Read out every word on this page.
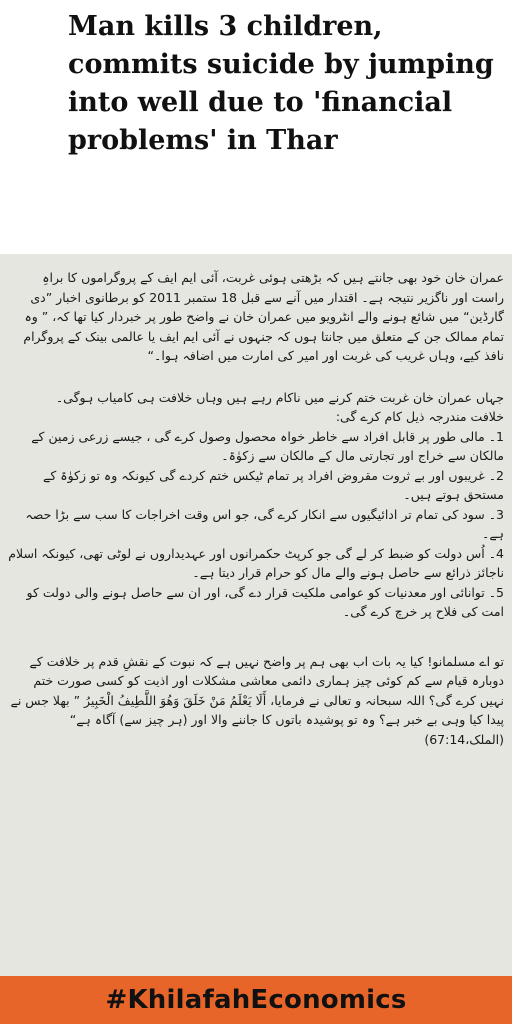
Man kills 3 children, commits suicide by jumping into well due to 'financial problems' in Thar

عمران خان خود بھی جانتے ہیں کہ بڑھتی ہوئی غربت، آئی ایم ایف کے پروگراموں کا براہِ راست اور ناگزیر نتیجہ ہے۔ اقتدار میں آنے سے قبل 18 ستمبر 2011 کو برطانوی اخبار ”دی گارڈین“ میں شائع ہونے والے انٹرویو میں عمران خان نے واضح طور پر خبردار کیا تھا کہ، ” وہ تمام ممالک جن کے متعلق میں جانتا ہوں کہ جنہوں نے آئی ایم ایف یا عالمی بینک کے پروگرام نافذ کیے، وہاں غریب کی غربت اور امیر کی امارت میں اضافہ ہوا۔“

جہاں عمران خان غربت ختم کرنے میں ناکام رہے ہیں وہاں خلافت ہی کامیاب ہوگی۔

خلافت مندرجہ ذیل کام کرے گی:

1۔ مالی طور پر قابل افراد سے خاطر خواہ محصول وصول کرے گی ، جیسے زرعی زمین کے مالکان سے خراج اور تجارتی مال کے مالکان سے زکوٰۃ۔

2۔ غریبوں اور بے ثروت مقروض افراد پر تمام ٹیکس ختم کردے گی کیونکہ وہ تو زکوٰۃ کے مستحق ہوتے ہیں۔

3۔ سود کی تمام تر ادائیگیوں سے انکار کرے گی، جو اس وقت اخراجات کا سب سے بڑا حصہ ہے۔

4۔ اُس دولت کو ضبط کر لے گی جو کرپٹ حکمرانوں اور عہدیداروں نے لوٹی تھی، کیونکہ اسلام ناجائز ذرائع سے حاصل ہونے والے مال کو حرام قرار دیتا ہے۔

5۔ توانائی اور معدنیات کو عوامی ملکیت قرار دے گی، اور ان سے حاصل ہونے والی دولت کو امت کی فلاح پر خرچ کرے گی۔

تو اے مسلمانو! کیا یہ بات اب بھی ہم پر واضح نہیں ہے کہ نبوت کے نقشِ قدم پر خلافت کے دوبارہ قیام سے کم کوئی چیز ہماری دائمی معاشی مشکلات اور اذیت کو کسی صورت ختم نہیں کرے گی؟ اللہ سبحانہ و تعالی نے فرمایا، أَلَا يَعْلَمُ مَنْ خَلَقَ وَهُوَ اللَّطِيفُ الْخَبِيرُ ” بھلا جس نے پیدا کیا وہی بے خبر ہے؟ وہ تو پوشیدہ باتوں کا جاننے والا اور (ہر چیز سے) آگاہ ہے“ (الملک،67:14)

#KhilafahEconomics
